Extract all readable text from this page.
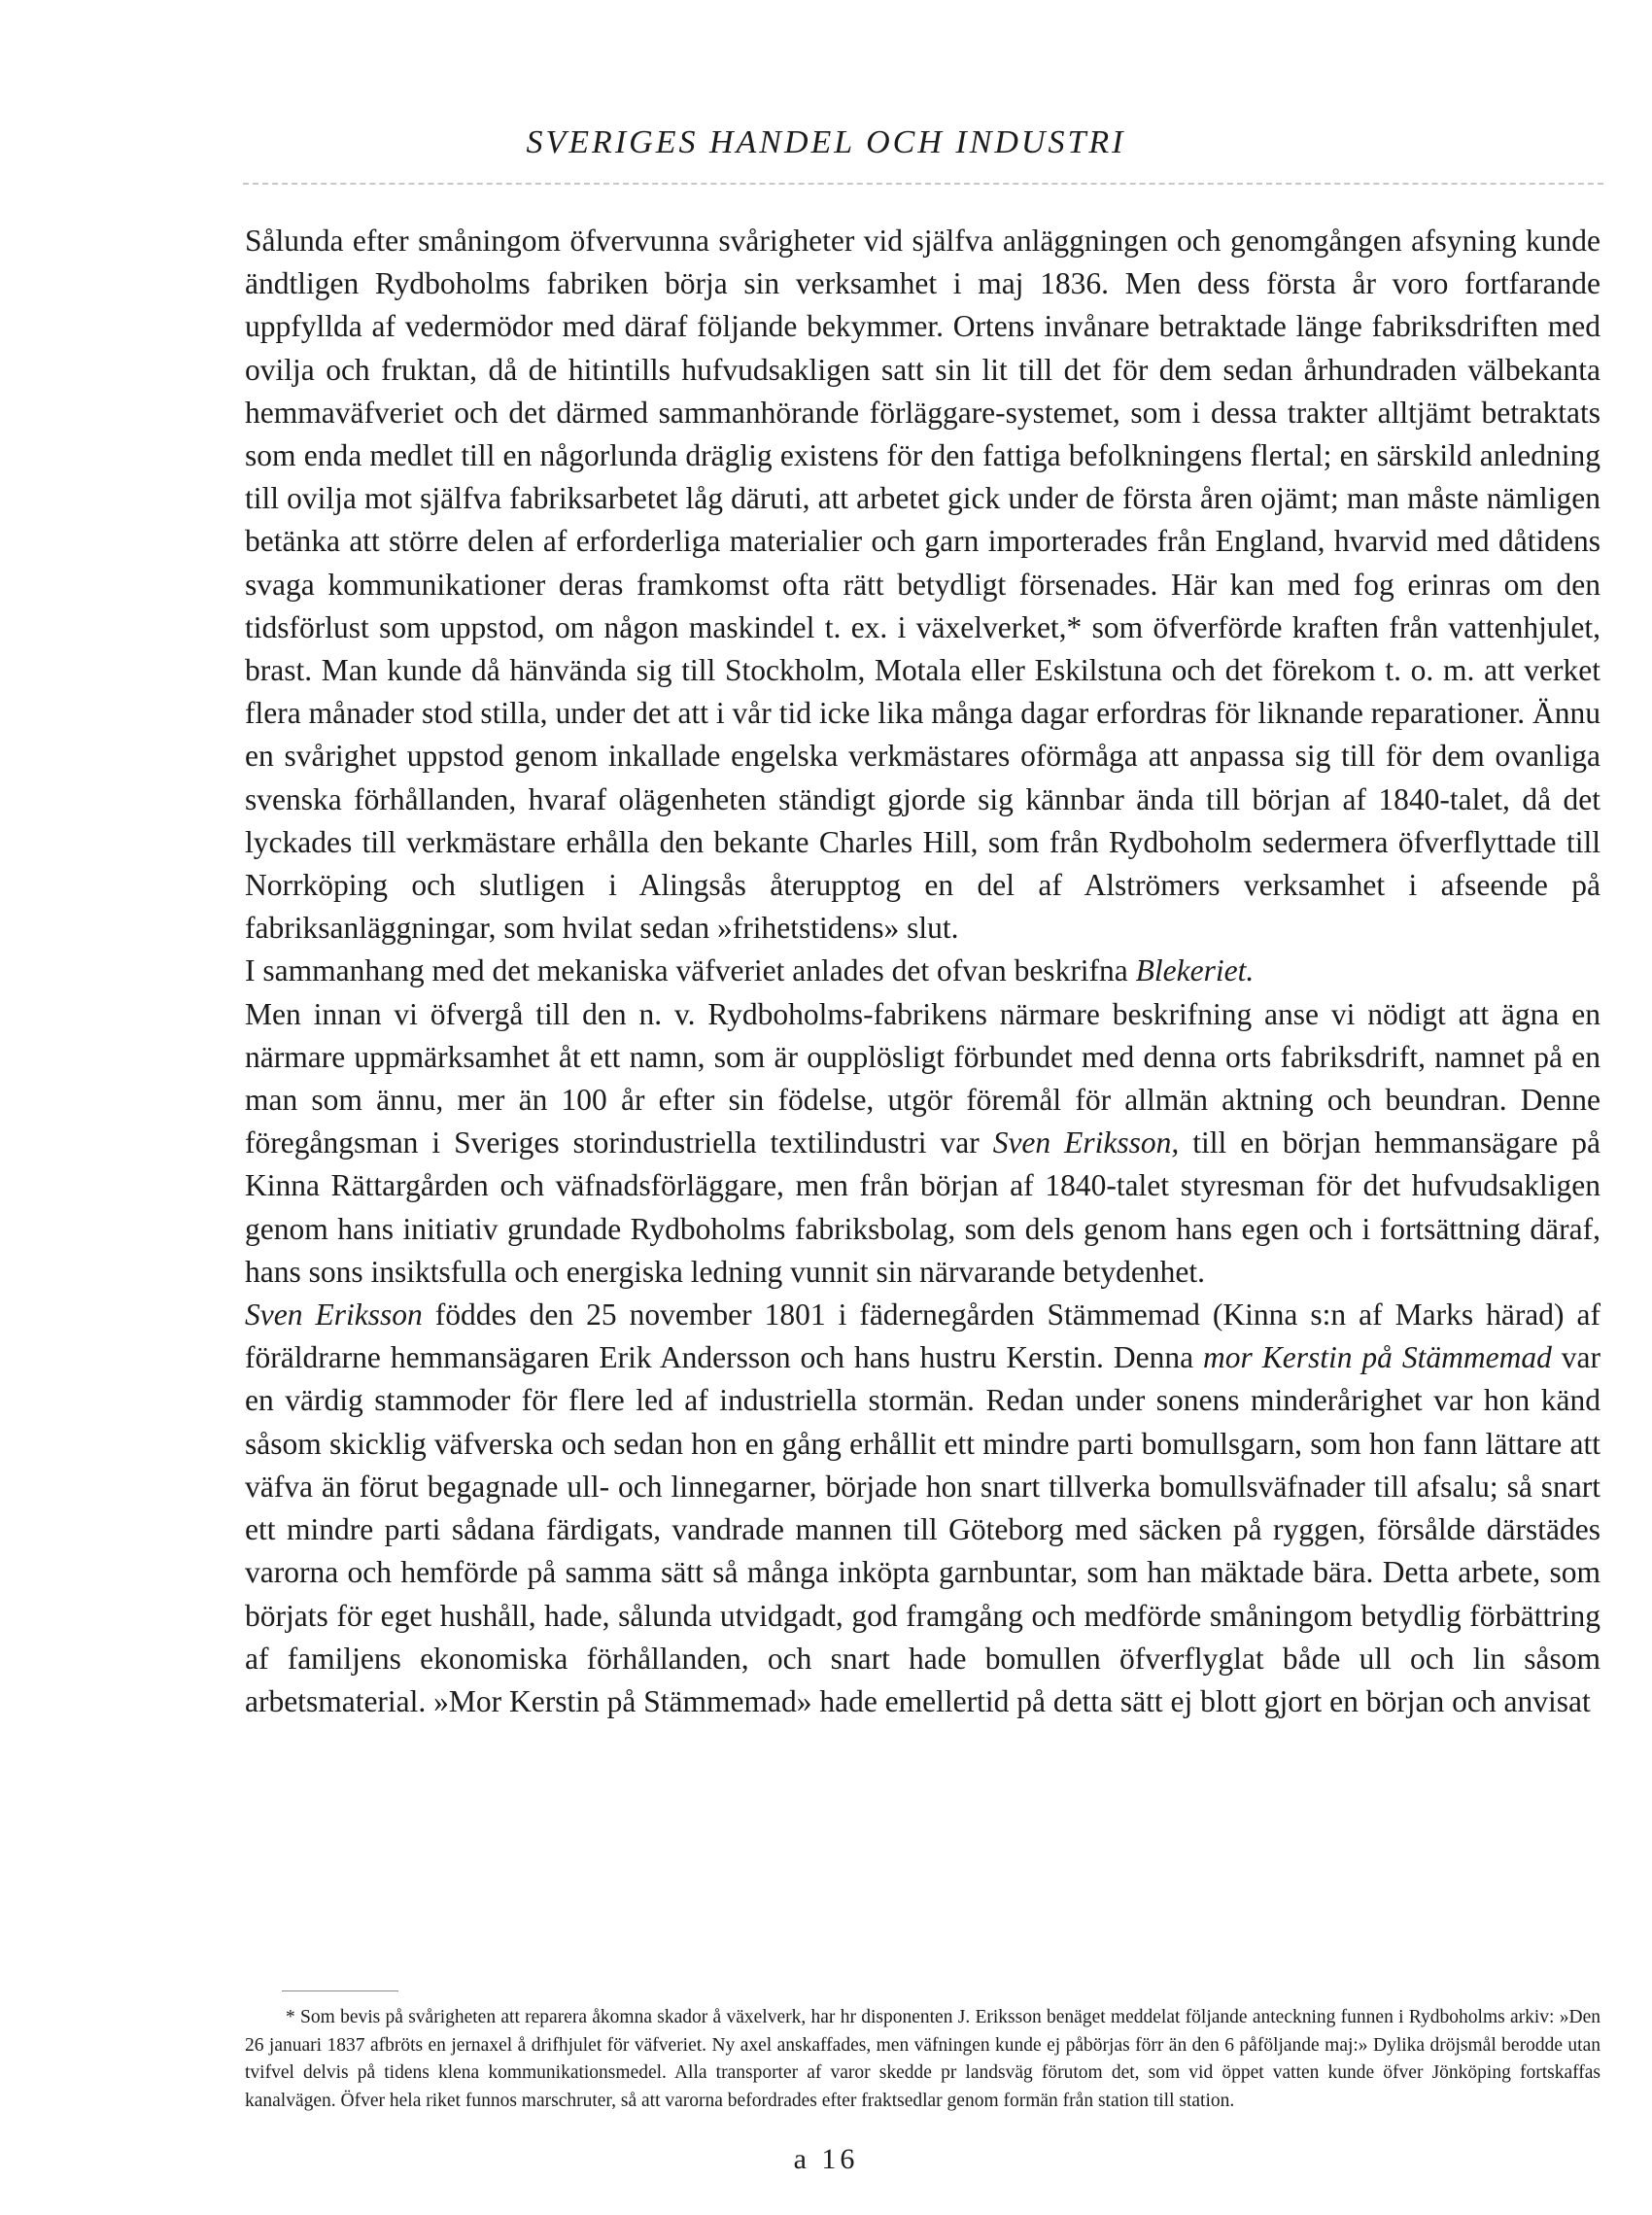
SVERIGES HANDEL OCH INDUSTRI

Sålunda efter småningom öfvervunna svårigheter vid själfva anläggningen och genomgången afsyning kunde ändtligen Rydboholms fabriken börja sin verksamhet i maj 1836. Men dess första år voro fortfarande uppfyllda af vedermödor med däraf följande bekymmer. Ortens invånare betraktade länge fabriksdriften med ovilja och fruktan, då de hitintills hufvudsakligen satt sin lit till det för dem sedan århundraden välbekanta hemmaväfveriet och det därmed sammanhörande förläggare-systemet, som i dessa trakter alltjämt betraktats som enda medlet till en någorlunda dräglig existens för den fattiga befolkningens flertal; en särskild anledning till ovilja mot själfva fabriksarbetet låg däruti, att arbetet gick under de första åren ojämt; man måste nämligen betänka att större delen af erforderliga materialier och garn importerades från England, hvarvid med dåtidens svaga kommunikationer deras framkomst ofta rätt betydligt försenades. Här kan med fog erinras om den tidsförlust som uppstod, om någon maskindel t. ex. i växelverket,* som öfverförde kraften från vattenhjulet, brast. Man kunde då hänvända sig till Stockholm, Motala eller Eskilstuna och det förekom t. o. m. att verket flera månader stod stilla, under det att i vår tid icke lika många dagar erfordras för liknande reparationer. Ännu en svårighet uppstod genom inkallade engelska verkmästares oförmåga att anpassa sig till för dem ovanliga svenska förhållanden, hvaraf olägenheten ständigt gjorde sig kännbar ända till början af 1840-talet, då det lyckades till verkmästare erhålla den bekante Charles Hill, som från Rydboholm sedermera öfverflyttade till Norrköping och slutligen i Alingsås återupptog en del af Alströmers verksamhet i afseende på fabriksanläggningar, som hvilat sedan »frihetstidens» slut.

I sammanhang med det mekaniska väfveriet anlades det ofvan beskrifna Blekeriet.

Men innan vi öfvergå till den n. v. Rydboholms-fabrikens närmare beskrifning anse vi nödigt att ägna en närmare uppmärksamhet åt ett namn, som är oupplösligt förbundet med denna orts fabriksdrift, namnet på en man som ännu, mer än 100 år efter sin födelse, utgör föremål för allmän aktning och beundran. Denne föregångsman i Sveriges storindustriella textilindustri var Sven Eriksson, till en början hemmansägare på Kinna Rättargården och väfnadsförläggare, men från början af 1840-talet styresman för det hufvudsakligen genom hans initiativ grundade Rydboholms fabriksbolag, som dels genom hans egen och i fortsättning däraf, hans sons insiktsfulla och energiska ledning vunnit sin närvarande betydenhet.

Sven Eriksson föddes den 25 november 1801 i fädernegården Stämmemad (Kinna s:n af Marks härad) af föräldrarne hemmansägaren Erik Andersson och hans hustru Kerstin. Denna mor Kerstin på Stämmemad var en värdig stammoder för flere led af industriella stormän. Redan under sonens minderårighet var hon känd såsom skicklig väfverska och sedan hon en gång erhållit ett mindre parti bomullsgarn, som hon fann lättare att väfva än förut begagnade ull- och linnegarner, började hon snart tillverka bomullsväfnader till afsalu; så snart ett mindre parti sådana färdigats, vandrade mannen till Göteborg med säcken på ryggen, försålde därstädes varorna och hemförde på samma sätt så många inköpta garnbuntar, som han mäktade bära. Detta arbete, som börjats för eget hushåll, hade, sålunda utvidgadt, god framgång och medförde småningom betydlig förbättring af familjens ekonomiska förhållanden, och snart hade bomullen öfverflyglat både ull och lin såsom arbetsmaterial. »Mor Kerstin på Stämmemad» hade emellertid på detta sätt ej blott gjort en början och anvisat

* Som bevis på svårigheten att reparera åkomna skador å växelverk, har hr disponenten J. Eriksson benäget meddelat följande anteckning funnen i Rydboholms arkiv: »Den 26 januari 1837 afbröts en jernaxel å drifhjulet för väfveriet. Ny axel anskaffades, men väfningen kunde ej påbörjas förr än den 6 påföljande maj:» Dylika dröjsmål berodde utan tvifvel delvis på tidens klena kommunikationsmedel. Alla transporter af varor skedde pr landsväg förutom det, som vid öppet vatten kunde öfver Jönköping fortskaffas kanalvägen. Öfver hela riket funnos marschruter, så att varorna befordrades efter fraktsedlar genom formän från station till station.

a 16
